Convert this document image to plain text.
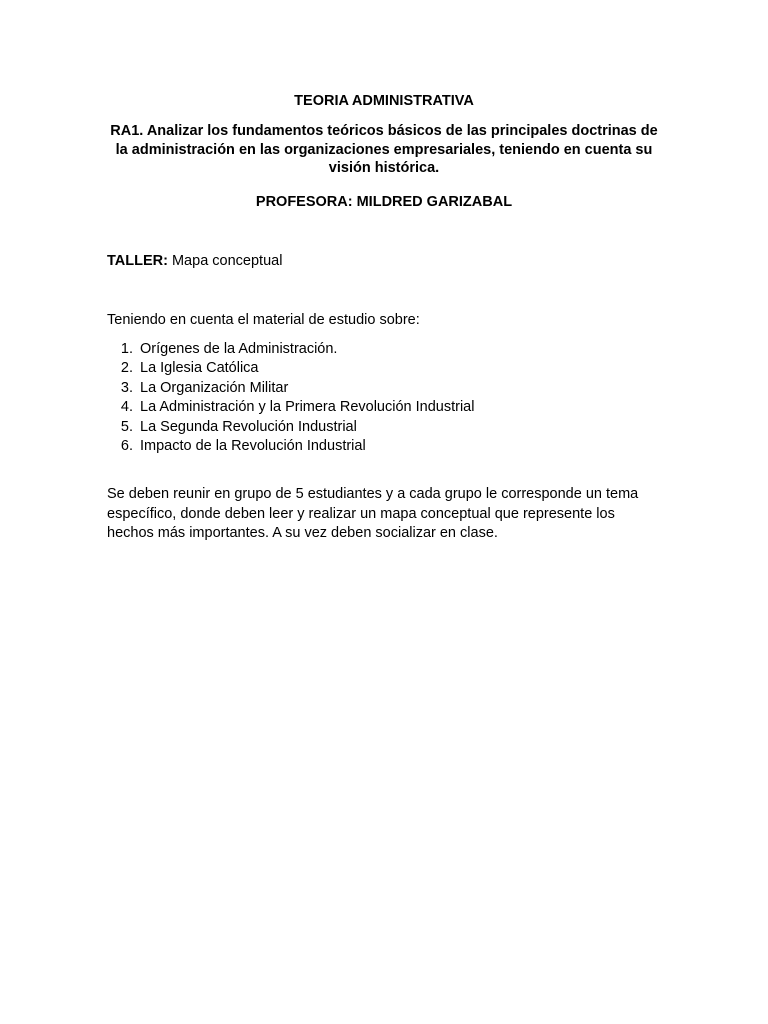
TEORIA ADMINISTRATIVA
RA1. Analizar los fundamentos teóricos básicos de las principales doctrinas de la administración en las organizaciones empresariales, teniendo en cuenta su visión histórica.
PROFESORA: MILDRED GARIZABAL
TALLER: Mapa conceptual
Teniendo en cuenta el material de estudio sobre:
1. Orígenes de la Administración.
2. La Iglesia Católica
3. La Organización Militar
4. La Administración y la Primera Revolución Industrial
5. La Segunda Revolución Industrial
6. Impacto de la Revolución Industrial
Se deben reunir en grupo de 5 estudiantes y a cada grupo le corresponde un tema
específico, donde deben leer y realizar un mapa conceptual que represente los
hechos más importantes. A su vez deben socializar en clase.
